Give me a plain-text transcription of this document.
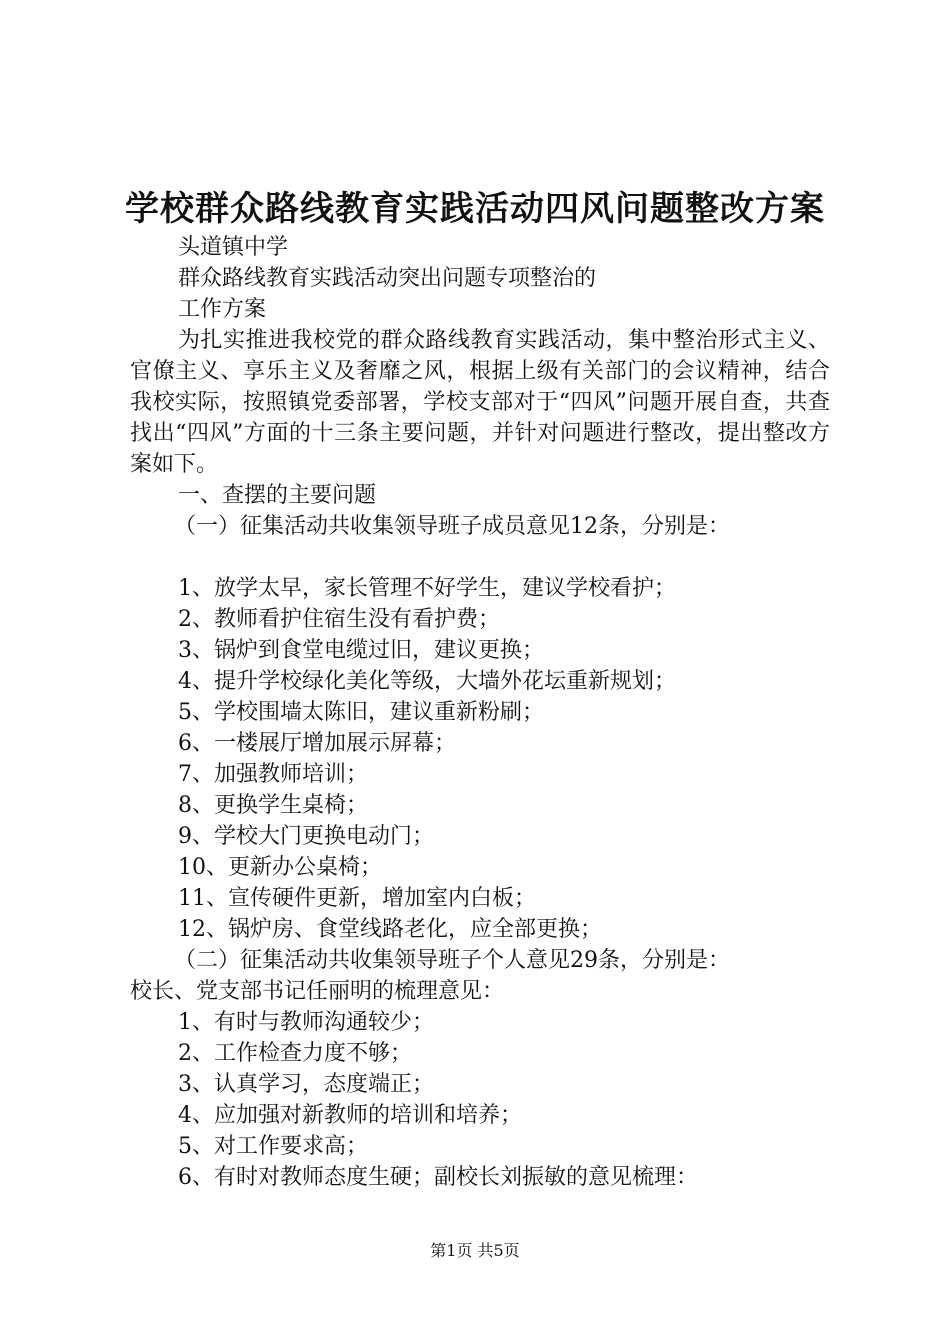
学校群众路线教育实践活动四风问题整改方案

头道镇中学

群众路线教育实践活动突出问题专项整治的

工作方案

为扎实推进我校党的群众路线教育实践活动，集中整治形式主义、官僚主义、享乐主义及奢靡之风，根据上级有关部门的会议精神，结合我校实际，按照镇党委部署，学校支部对于“四风”问题开展自查，共查找出“四风”方面的十三条主要问题，并针对问题进行整改，提出整改方案如下。

一、查摆的主要问题

（一）征集活动共收集领导班子成员意见12条，分别是：

1、放学太早，家长管理不好学生，建议学校看护；

2、教师看护住宿生没有看护费；

3、锅炉到食堂电缆过旧，建议更换；

4、提升学校绿化美化等级，大墙外花坛重新规划；

5、学校围墙太陈旧，建议重新粉刷；

6、一楼展厅增加展示屏幕；

7、加强教师培训；

8、更换学生桌椅；

9、学校大门更换电动门；

10、更新办公桌椅；

11、宣传硬件更新，增加室内白板；

12、锅炉房、食堂线路老化，应全部更换；

（二）征集活动共收集领导班子个人意见29条，分别是：

校长、党支部书记任丽明的梳理意见：

1、有时与教师沟通较少；

2、工作检查力度不够；

3、认真学习，态度端正；

4、应加强对新教师的培训和培养；

5、对工作要求高；

6、有时对教师态度生硬；副校长刘振敏的意见梳理：

第1页 共5页
